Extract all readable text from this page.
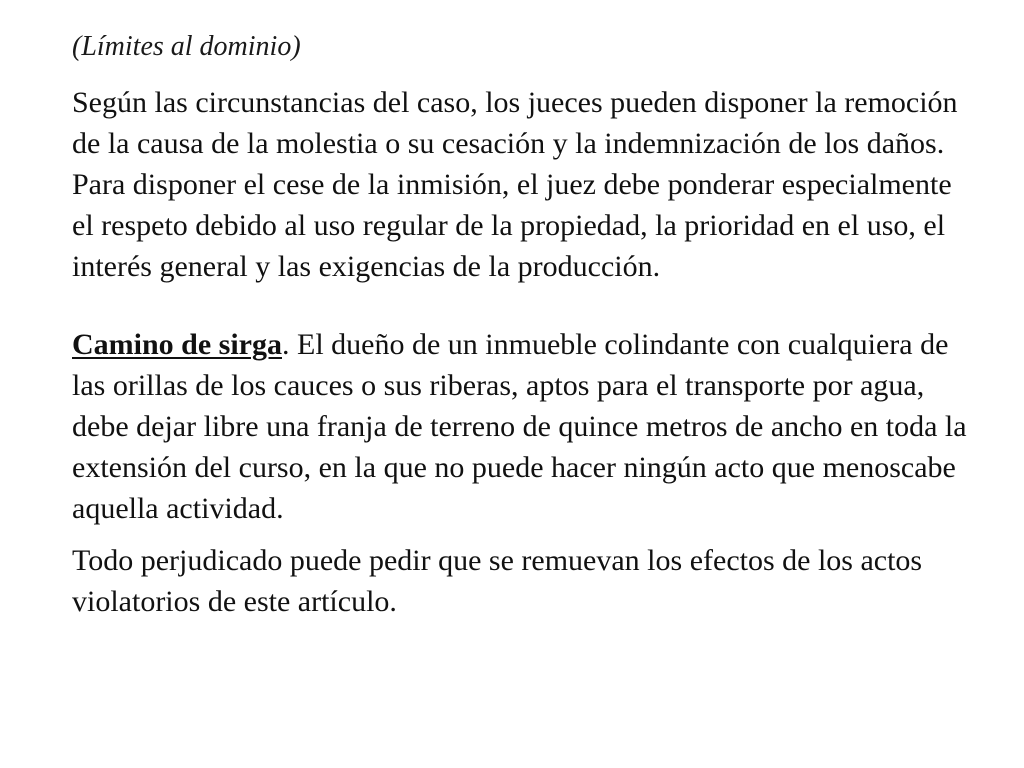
(Límites al dominio)

Según las circunstancias del caso, los jueces pueden disponer la remoción de la causa de la molestia o su cesación y la indemnización de los daños. Para disponer el cese de la inmisión, el juez debe ponderar especialmente el respeto debido al uso regular de la propiedad, la prioridad en el uso, el interés general y las exigencias de la producción.

Camino de sirga. El dueño de un inmueble colindante con cualquiera de las orillas de los cauces o sus riberas, aptos para el transporte por agua, debe dejar libre una franja de terreno de quince metros de ancho en toda la extensión del curso, en la que no puede hacer ningún acto que menoscabe aquella actividad.

Todo perjudicado puede pedir que se remuevan los efectos de los actos violatorios de este artículo.
